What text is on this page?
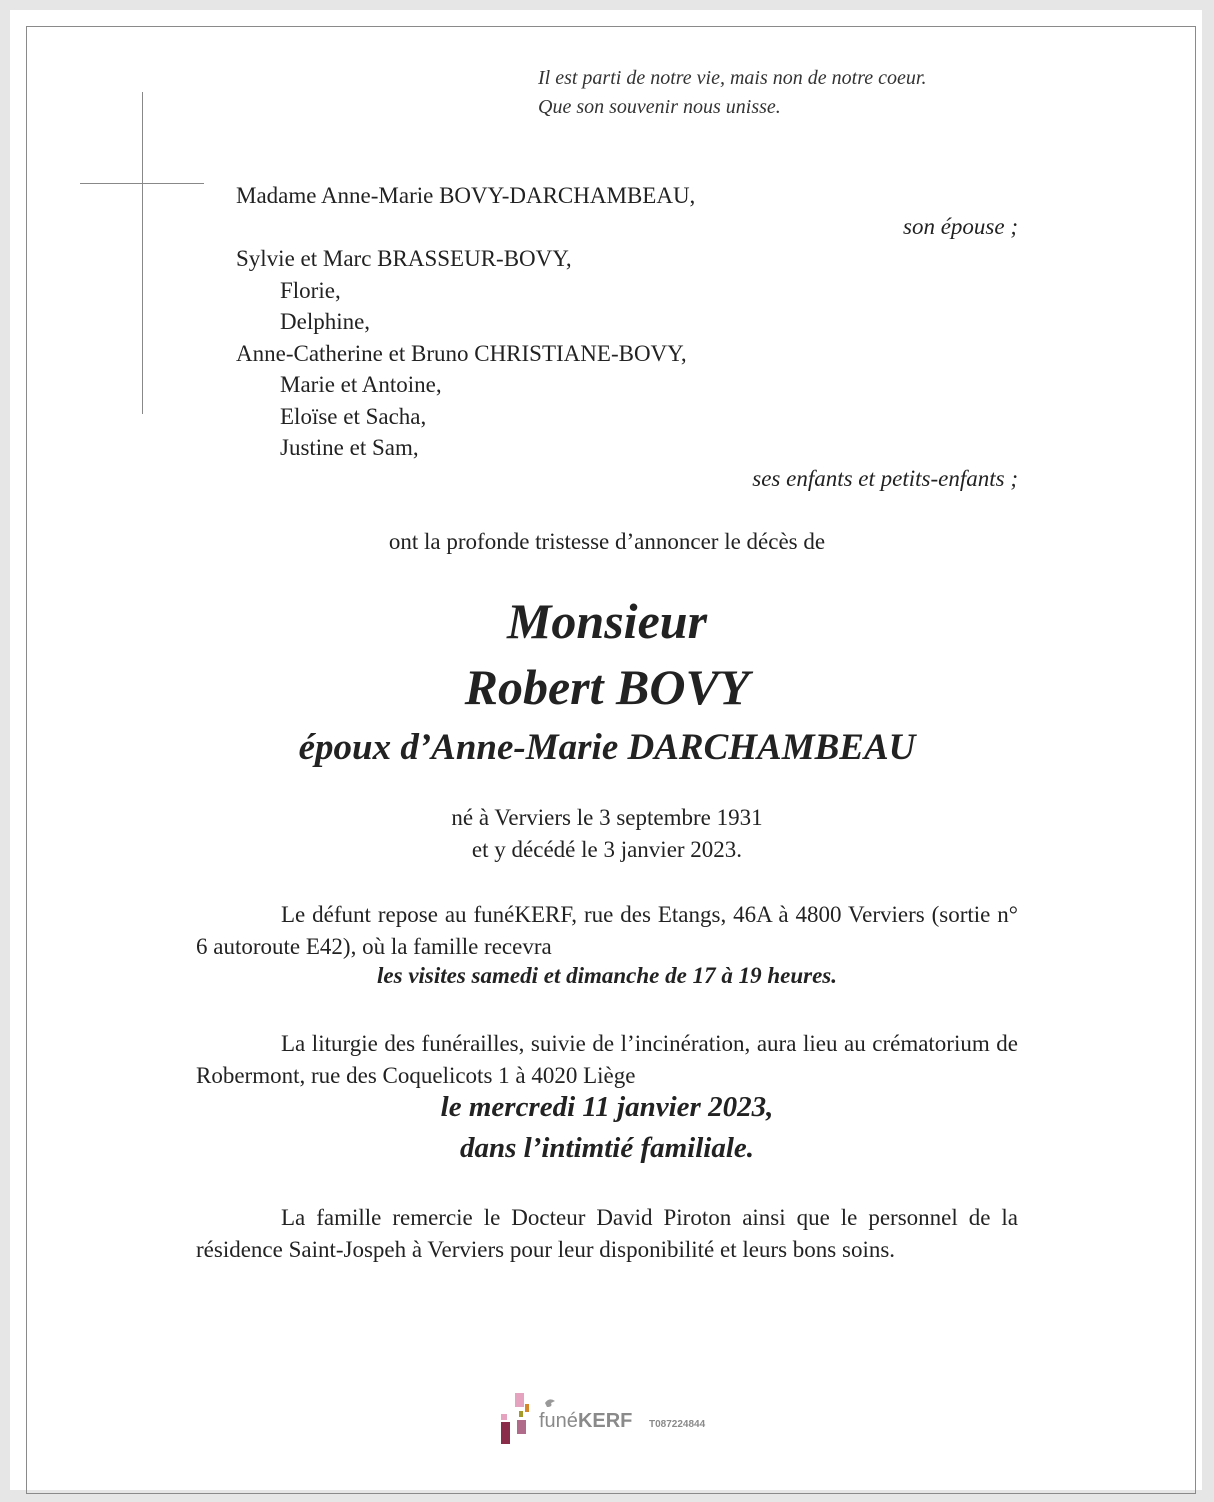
Il est parti de notre vie, mais non de notre coeur.
Que son souvenir nous unisse.
Madame Anne-Marie BOVY-DARCHAMBEAU,
son épouse ;
Sylvie et Marc BRASSEUR-BOVY,
Florie,
Delphine,
Anne-Catherine et Bruno CHRISTIANE-BOVY,
Marie et Antoine,
Eloïse et Sacha,
Justine et Sam,
ses enfants et petits-enfants ;
ont la profonde tristesse d’annoncer le décès de
Monsieur
Robert BOVY
époux d’Anne-Marie DARCHAMBEAU
né à Verviers le 3 septembre 1931
et y décédé le 3 janvier 2023.
Le défunt repose au funéKERF, rue des Etangs, 46A à 4800 Verviers (sortie n° 6 autoroute E42), où la famille recevra
les visites samedi et dimanche de 17 à 19 heures.
La liturgie des funérailles, suivie de l’incinération, aura lieu au crématorium de Robermont, rue des Coquelicots 1 à 4020 Liège
le mercredi 11 janvier 2023,
dans l’intimtié familiale.
La famille remercie le Docteur David Piroton ainsi que le personnel de la résidence Saint-Jospeh à Verviers pour leur disponibilité et leurs bons soins.
funéKERF T087224844
